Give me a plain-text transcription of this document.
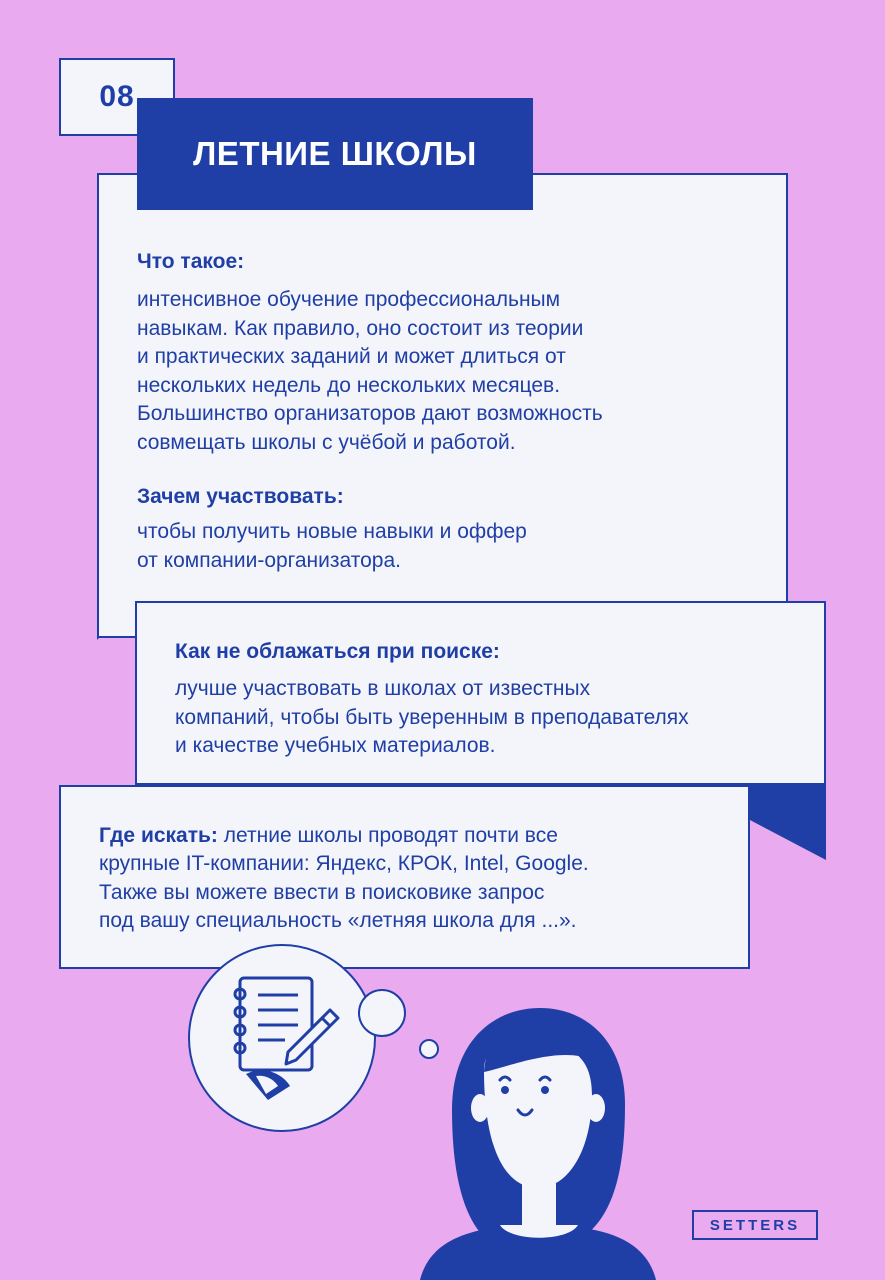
08
Что такое:
интенсивное обучение профессиональным
навыкам. Как правило, оно состоит из теории
и практических заданий и может длиться от
нескольких недель до нескольких месяцев.
Большинство организаторов дают возможность
совмещать школы с учёбой и работой.
Зачем участвовать:
чтобы получить новые навыки и оффер
от компании-организатора.
ЛЕТНИЕ ШКОЛЫ
Как не облажаться при поиске:
лучше участвовать в школах от известных
компаний, чтобы быть уверенным в преподавателях
и качестве учебных материалов.
Где искать: летние школы проводят почти все
крупные IT-компании: Яндекс, КРОК, Intel, Google.
Также вы можете ввести в поисковике запрос
под вашу специальность «летняя школа для ...».
SETTERS
